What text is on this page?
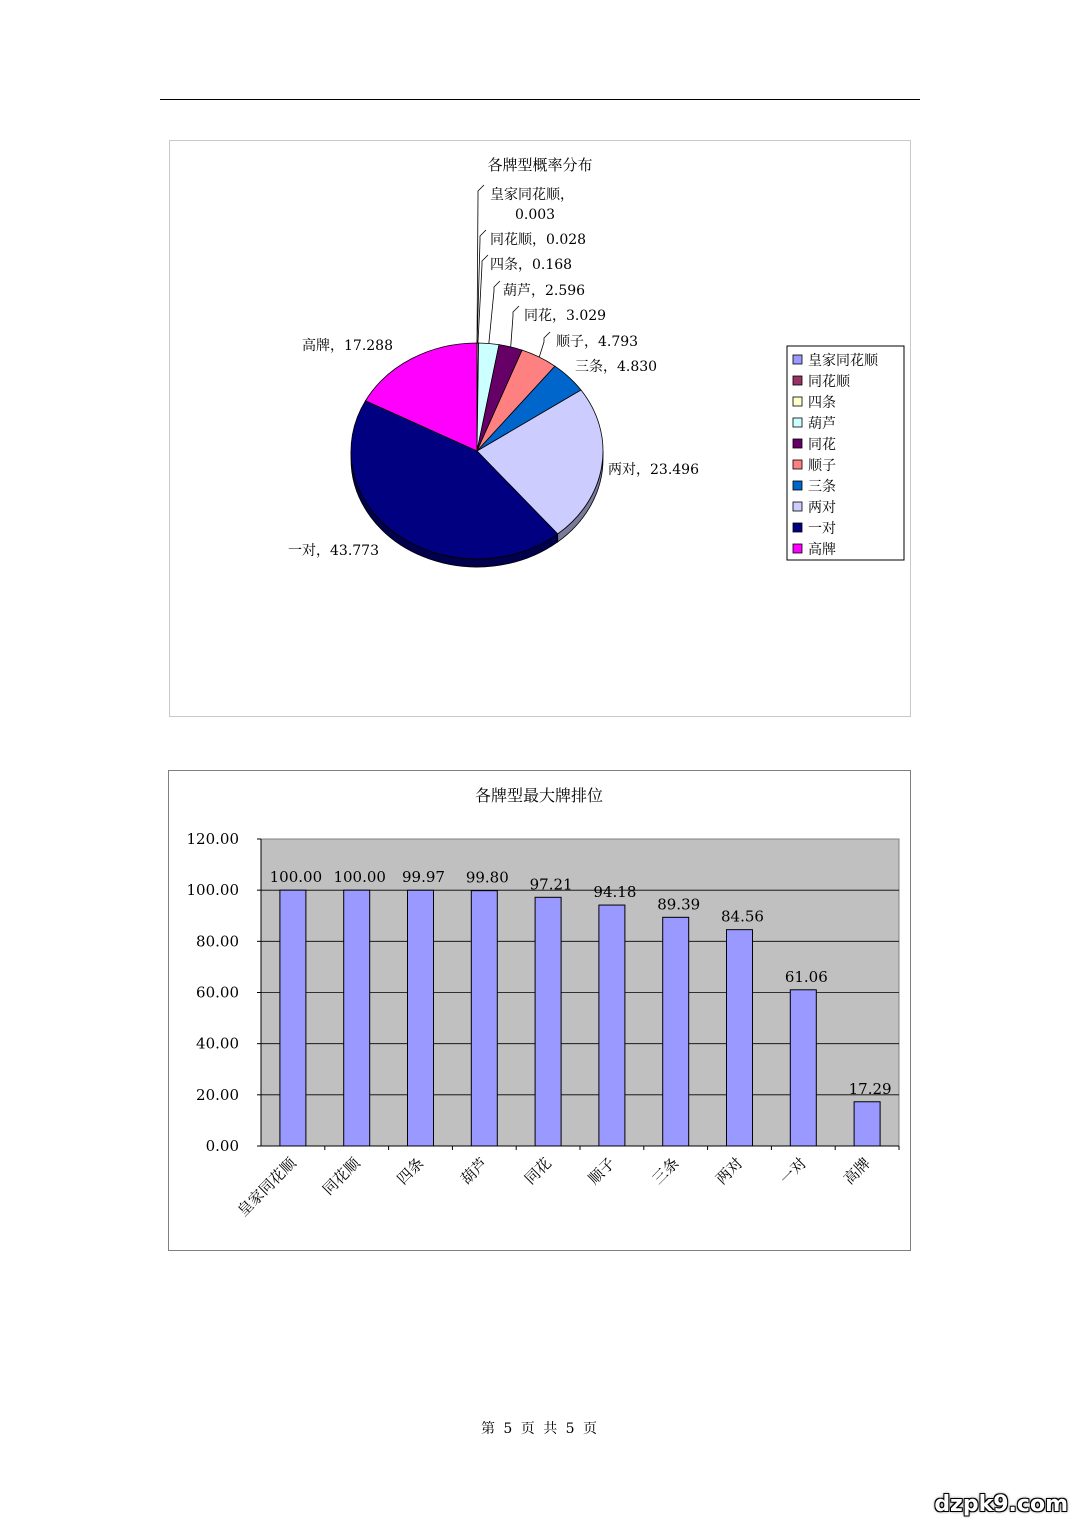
各牌型概率分布
皇家同花顺， 0.003
同花顺，0.028
四条，0.168
葫芦，2.596
同花，3.029
顺子，4.793
三条，4.830
两对，23.496
一对，43.773
高牌，17.288
皇家同花顺
同花顺
四条
葫芦
同花
顺子
三条
两对
一对
高牌
各牌型最大牌排位
0.00
20.00
40.00
60.00
80.00
100.00
120.00
100.00
皇家同花顺
100.00
同花顺
99.97
四条
99.80
葫芦
97.21
同花
94.18
顺子
89.39
三条
84.56
两对
61.06
一对
17.29
高牌
第 5 页 共 5 页
dzpk9.com
